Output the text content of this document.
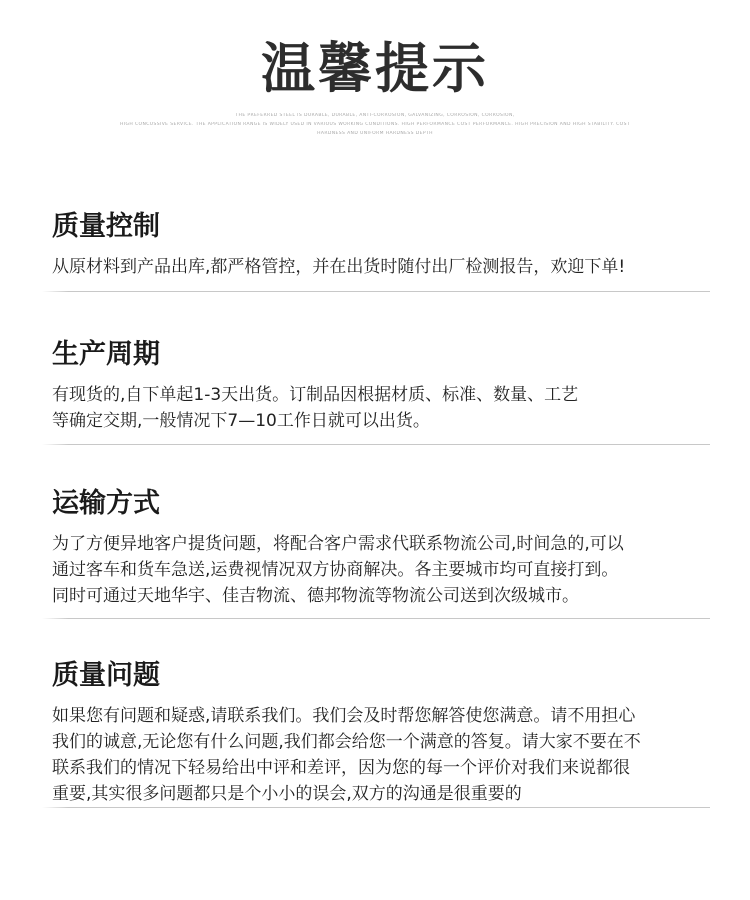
温馨提示
THE PREFERRED STEEL IS DURABLE, DURABLE, ANTI-CORROSION, GALVANIZING, CORROSION, CORROSION,
HIGH CONCUSSIVE SERVICE. THE APPLICATION RANGE IS WIDELY USED IN VARIOUS WORKING CONDITIONS. HIGH PERFORMANCE COST PERFORMANCE. HIGH PRECISION AND HIGH STABILITY. COST
HARDNESS AND UNIFORM HARDNESS DEPTH
质量控制
从原材料到产品出库,都严格管控，并在出货时随付出厂检测报告，欢迎下单!
生产周期
有现货的,自下单起1-3天出货。订制品因根据材质、标准、数量、工艺
等确定交期,一般情况下7—10工作日就可以出货。
运输方式
为了方便异地客户提货问题，将配合客户需求代联系物流公司,时间急的,可以
通过客车和货车急送,运费视情况双方协商解决。各主要城市均可直接打到。
同时可通过天地华宇、佳吉物流、德邦物流等物流公司送到次级城市。
质量问题
如果您有问题和疑惑,请联系我们。我们会及时帮您解答使您满意。请不用担心
我们的诚意,无论您有什么问题,我们都会给您一个满意的答复。请大家不要在不
联系我们的情况下轻易给出中评和差评，因为您的每一个评价对我们来说都很
重要,其实很多问题都只是个小小的误会,双方的沟通是很重要的
